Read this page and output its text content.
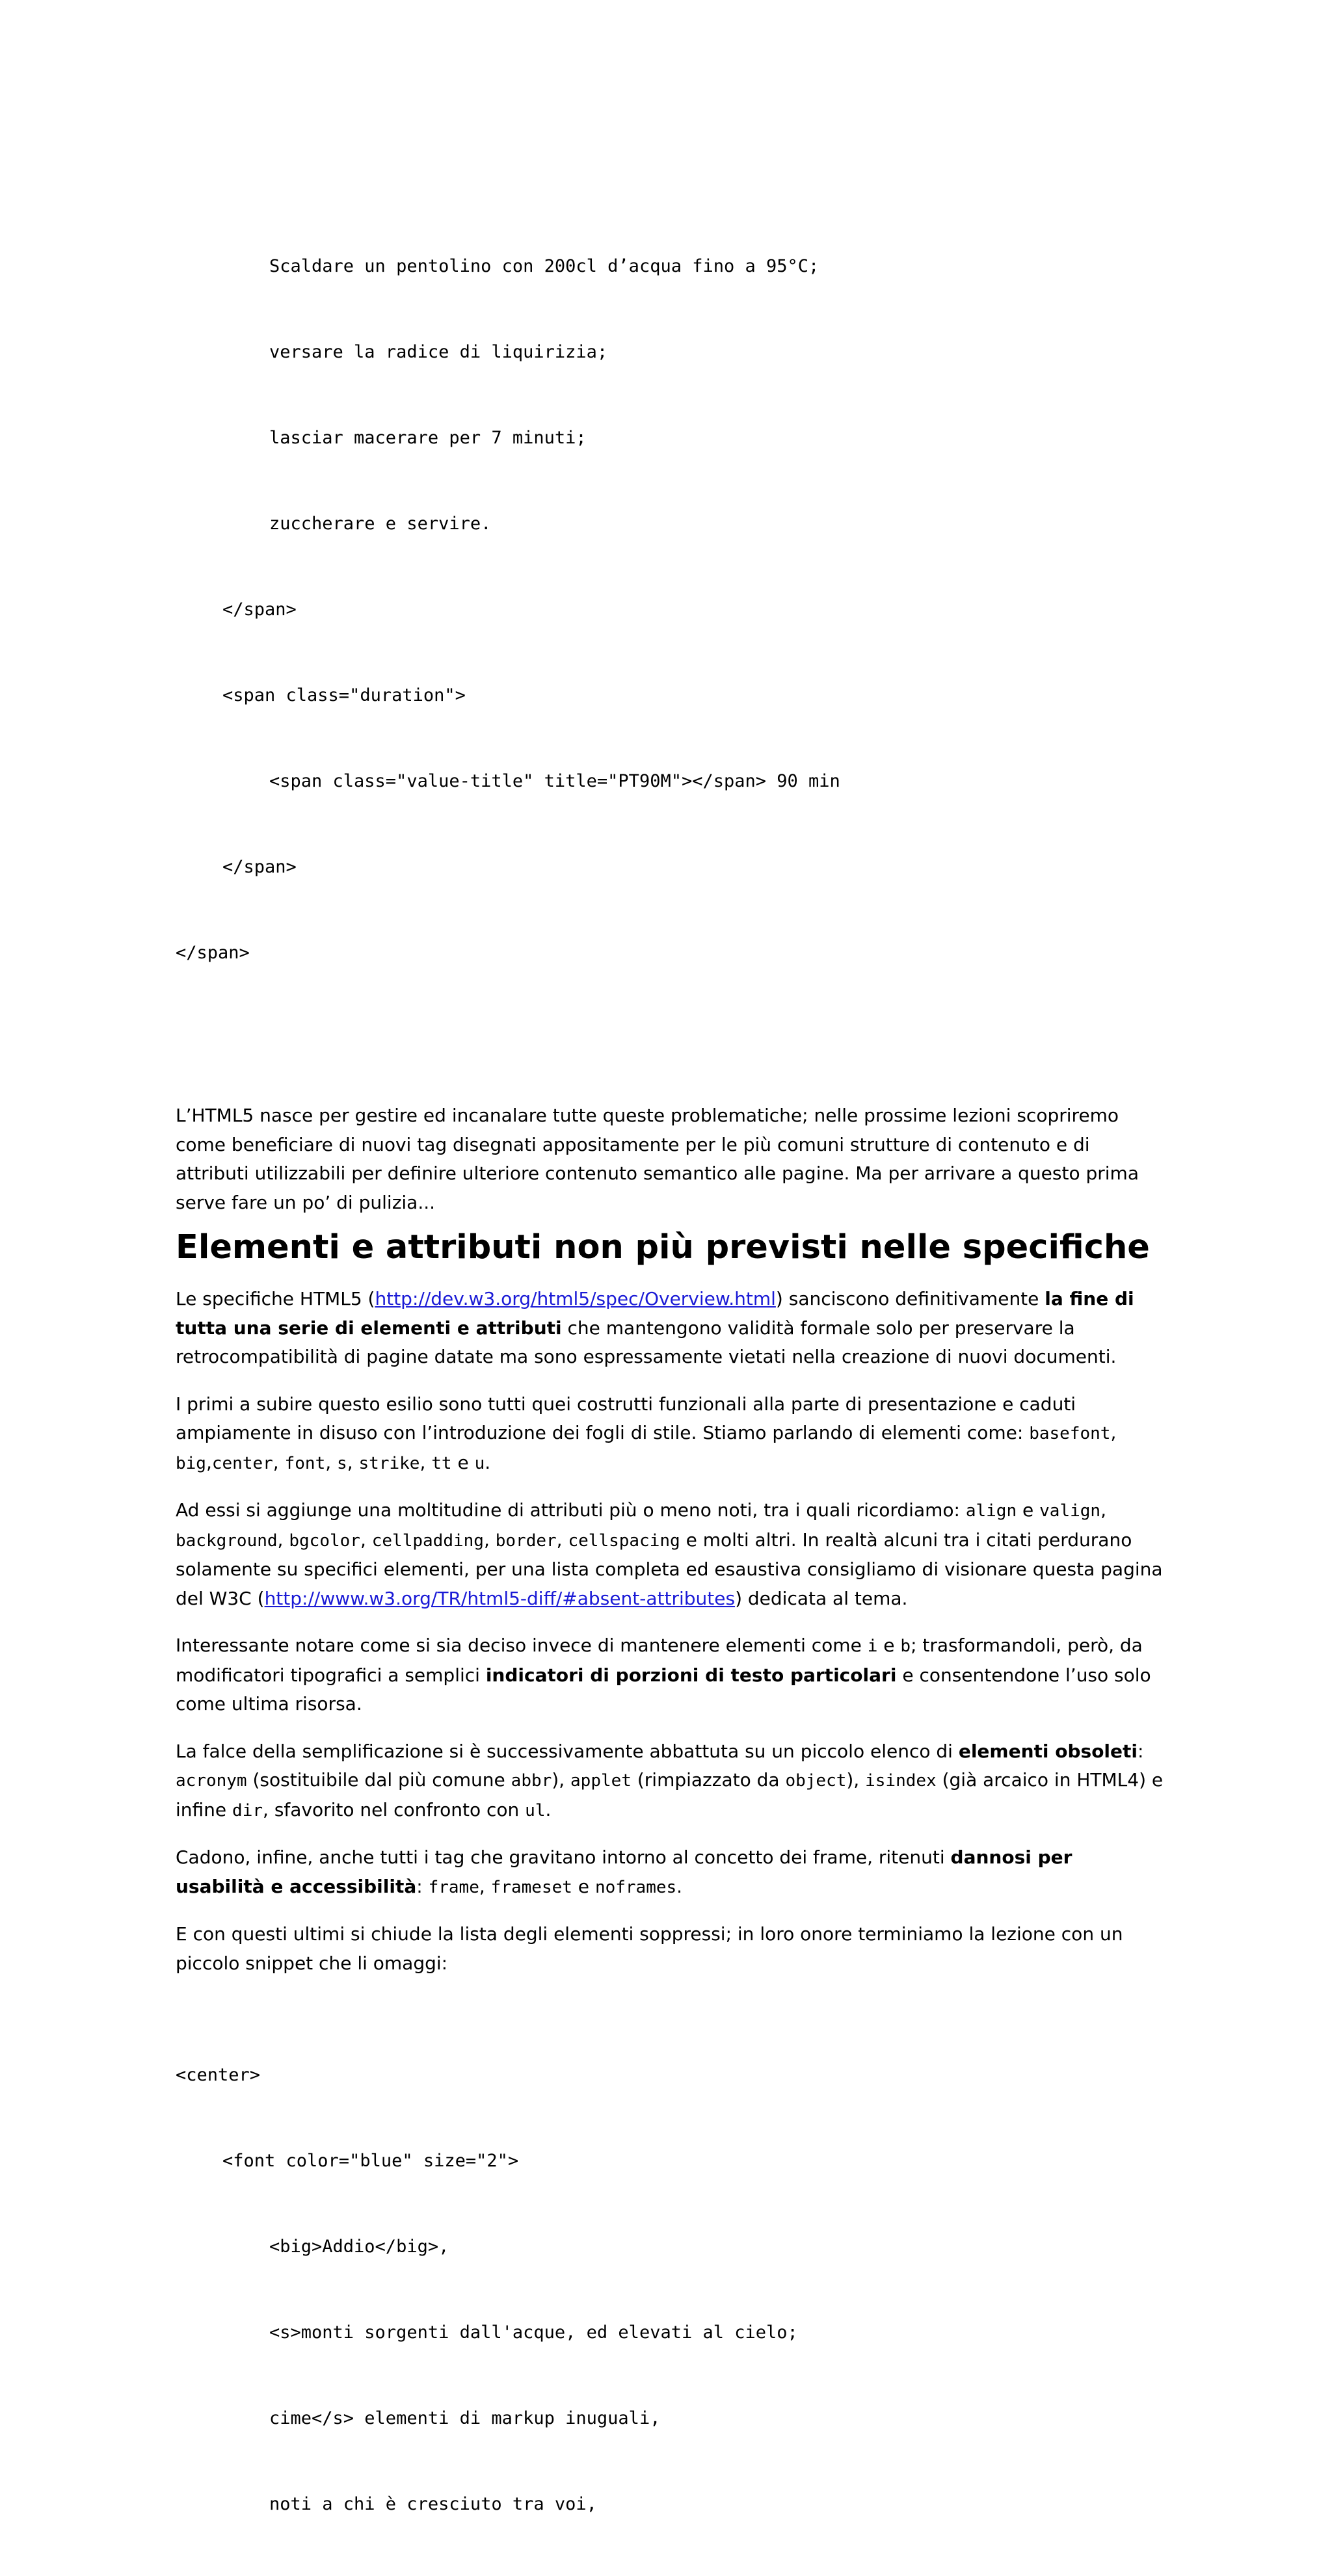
Scaldare un pentolino con 200cl d’acqua fino a 95°C;

versare la radice di liquirizia;

lasciar macerare per 7 minuti;

zuccherare e servire.

</span>

<span class="duration">

<span class="value-title" title="PT90M"></span> 90 min

</span>

</span>

L’HTML5 nasce per gestire ed incanalare tutte queste problematiche; nelle prossime lezioni scopriremo come beneficiare di nuovi tag disegnati appositamente per le più comuni strutture di contenuto e di attributi utilizzabili per definire ulteriore contenuto semantico alle pagine. Ma per arrivare a questo prima serve fare un po’ di pulizia...

Elementi e attributi non più previsti nelle specifiche

Le specifiche HTML5 (http://dev.w3.org/html5/spec/Overview.html) sanciscono definitivamente la fine di tutta una serie di elementi e attributi che mantengono validità formale solo per preservare la retrocompatibilità di pagine datate ma sono espressamente vietati nella creazione di nuovi documenti.

I primi a subire questo esilio sono tutti quei costrutti funzionali alla parte di presentazione e caduti ampiamente in disuso con l’introduzione dei fogli di stile. Stiamo parlando di elementi come: basefont, big,center, font, s, strike, tt e u.

Ad essi si aggiunge una moltitudine di attributi più o meno noti, tra i quali ricordiamo: align e valign, background, bgcolor, cellpadding, border, cellspacing e molti altri. In realtà alcuni tra i citati perdurano solamente su specifici elementi, per una lista completa ed esaustiva consigliamo di visionare questa pagina del W3C (http://www.w3.org/TR/html5-diff/#absent-attributes) dedicata al tema.

Interessante notare come si sia deciso invece di mantenere elementi come i e b; trasformandoli, però, da modificatori tipografici a semplici indicatori di porzioni di testo particolari e consentendone l’uso solo come ultima risorsa.

La falce della semplificazione si è successivamente abbattuta su un piccolo elenco di elementi obsoleti: acronym (sostituibile dal più comune abbr), applet (rimpiazzato da object), isindex (già arcaico in HTML4) e infine dir, sfavorito nel confronto con ul.

Cadono, infine, anche tutti i tag che gravitano intorno al concetto dei frame, ritenuti dannosi per usabilità e accessibilità: frame, frameset e noframes.

E con questi ultimi si chiude la lista degli elementi soppressi; in loro onore terminiamo la lezione con un piccolo snippet che li omaggi:

<center>

<font color="blue" size="2">

<big>Addio</big>,

<s>monti sorgenti dall'acque, ed elevati al cielo;

cime</s> elementi di markup inuguali,

noti a chi è cresciuto tra voi,
